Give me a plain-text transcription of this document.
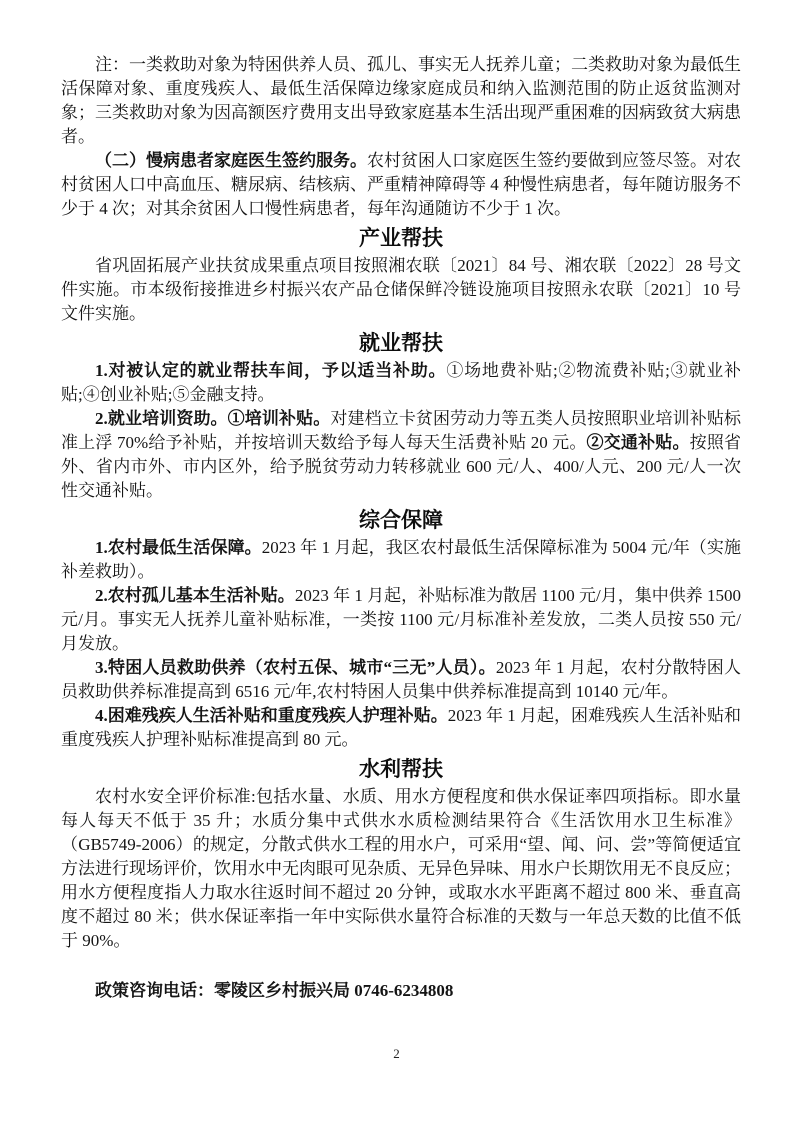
注：一类救助对象为特困供养人员、孤儿、事实无人抚养儿童；二类救助对象为最低生活保障对象、重度残疾人、最低生活保障边缘家庭成员和纳入监测范围的防止返贫监测对象；三类救助对象为因高额医疗费用支出导致家庭基本生活出现严重困难的因病致贫大病患者。

（二）慢病患者家庭医生签约服务。农村贫困人口家庭医生签约要做到应签尽签。对农村贫困人口中高血压、糖尿病、结核病、严重精神障碍等 4 种慢性病患者，每年随访服务不少于 4 次；对其余贫困人口慢性病患者，每年沟通随访不少于 1 次。

产业帮扶

省巩固拓展产业扶贫成果重点项目按照湘农联〔2021〕84 号、湘农联〔2022〕28 号文件实施。市本级衔接推进乡村振兴农产品仓储保鲜冷链设施项目按照永农联〔2021〕10 号文件实施。

就业帮扶

1.对被认定的就业帮扶车间，予以适当补助。①场地费补贴;②物流费补贴;③就业补贴;④创业补贴;⑤金融支持。

2.就业培训资助。①培训补贴。对建档立卡贫困劳动力等五类人员按照职业培训补贴标准上浮 70%给予补贴，并按培训天数给予每人每天生活费补贴 20 元。②交通补贴。按照省外、省内市外、市内区外，给予脱贫劳动力转移就业 600 元/人、400/人元、200 元/人一次性交通补贴。

综合保障

1.农村最低生活保障。2023 年 1 月起，我区农村最低生活保障标准为 5004 元/年（实施补差救助）。

2.农村孤儿基本生活补贴。2023 年 1 月起，补贴标准为散居 1100 元/月，集中供养 1500 元/月。事实无人抚养儿童补贴标准，一类按 1100 元/月标准补差发放，二类人员按 550 元/月发放。

3.特困人员救助供养（农村五保、城市“三无”人员）。2023 年 1 月起，农村分散特困人员救助供养标准提高到 6516 元/年,农村特困人员集中供养标准提高到 10140 元/年。

4.困难残疾人生活补贴和重度残疾人护理补贴。2023 年 1 月起，困难残疾人生活补贴和重度残疾人护理补贴标准提高到 80 元。

水利帮扶

农村水安全评价标准:包括水量、水质、用水方便程度和供水保证率四项指标。即水量每人每天不低于 35 升；水质分集中式供水水质检测结果符合《生活饮用水卫生标准》（GB5749-2006）的规定，分散式供水工程的用水户，可采用“望、闻、问、尝”等简便适宜方法进行现场评价，饮用水中无肉眼可见杂质、无异色异味、用水户长期饮用无不良反应；用水方便程度指人力取水往返时间不超过 20 分钟，或取水水平距离不超过 800 米、垂直高度不超过 80 米；供水保证率指一年中实际供水量符合标准的天数与一年总天数的比值不低于 90%。

政策咨询电话：零陵区乡村振兴局 0746-6234808
2
